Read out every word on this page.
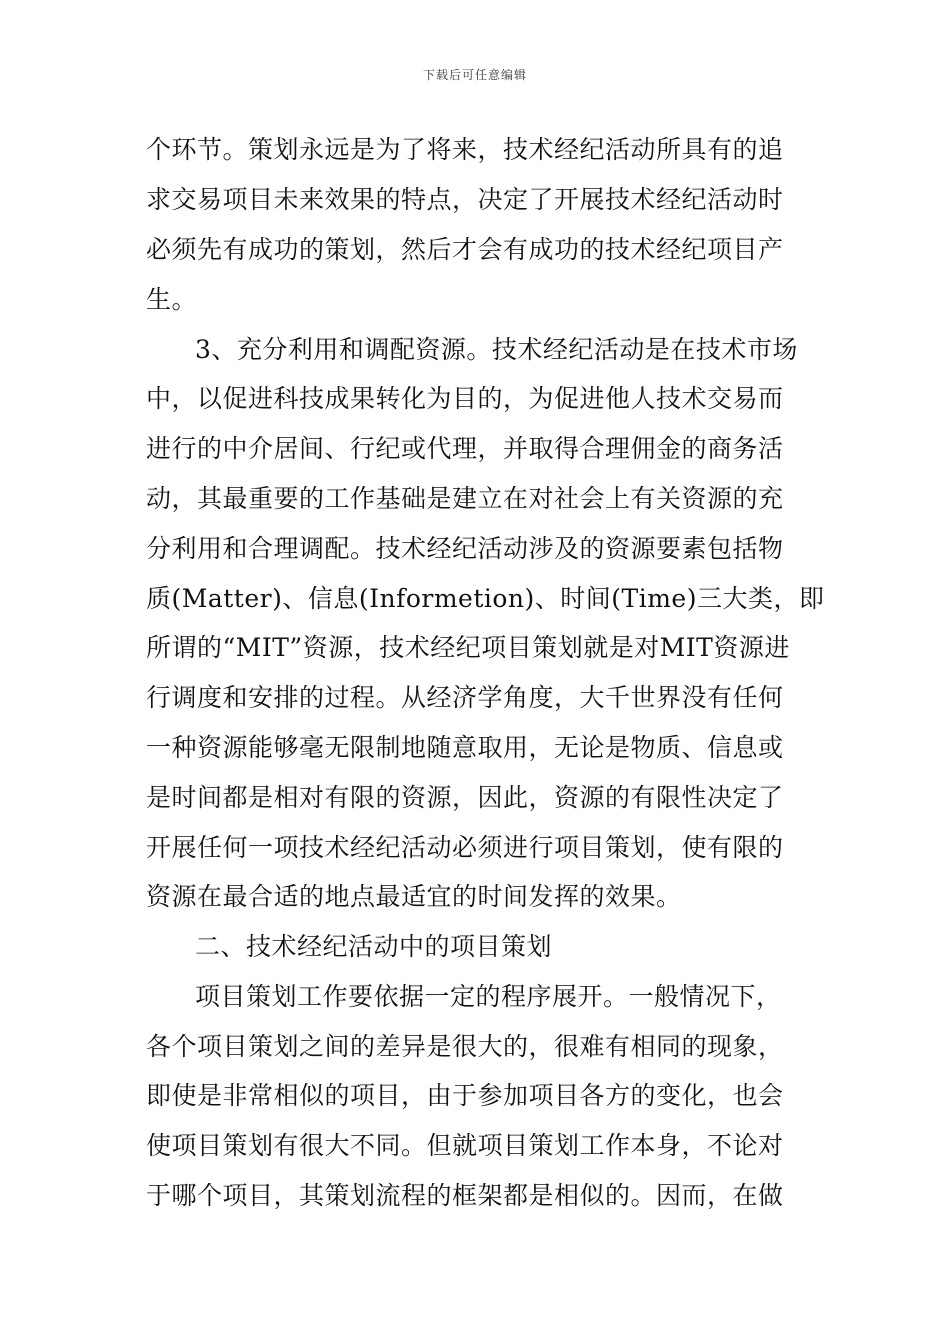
下载后可任意编辑
个环节。策划永远是为了将来，技术经纪活动所具有的追
求交易项目未来效果的特点，决定了开展技术经纪活动时
必须先有成功的策划，然后才会有成功的技术经纪项目产
生。
3、充分利用和调配资源。技术经纪活动是在技术市场
中，以促进科技成果转化为目的，为促进他人技术交易而
进行的中介居间、行纪或代理，并取得合理佣金的商务活
动，其最重要的工作基础是建立在对社会上有关资源的充
分利用和合理调配。技术经纪活动涉及的资源要素包括物
质(Matter)、信息(Informetion)、时间(Time)三大类，即
所谓的“MIT”资源，技术经纪项目策划就是对MIT资源进
行调度和安排的过程。从经济学角度，大千世界没有任何
一种资源能够毫无限制地随意取用，无论是物质、信息或
是时间都是相对有限的资源，因此，资源的有限性决定了
开展任何一项技术经纪活动必须进行项目策划，使有限的
资源在最合适的地点最适宜的时间发挥的效果。
二、技术经纪活动中的项目策划
项目策划工作要依据一定的程序展开。一般情况下，
各个项目策划之间的差异是很大的，很难有相同的现象，
即使是非常相似的项目，由于参加项目各方的变化，也会
使项目策划有很大不同。但就项目策划工作本身，不论对
于哪个项目，其策划流程的框架都是相似的。因而，在做
